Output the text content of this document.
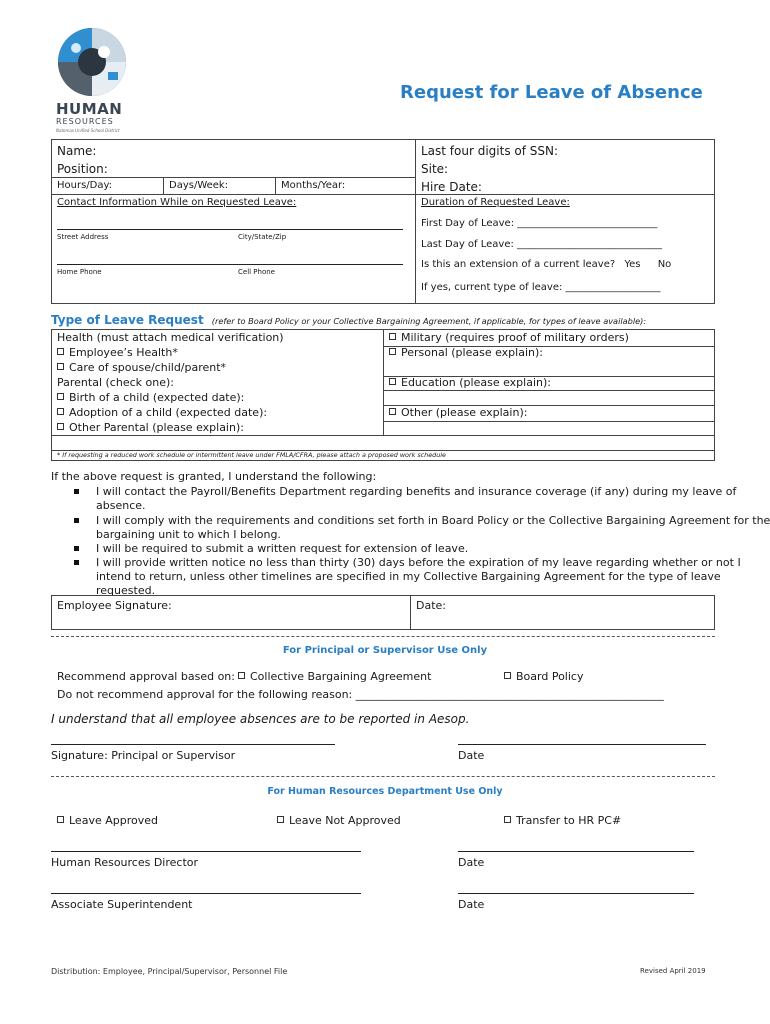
HUMAN
RESOURCES
Natomas Unified School District
Request for Leave of Absence
Name:
Position:
Hours/Day:	Days/Week:	Months/Year:
Last four digits of SSN:
Site:
Hire Date:
Contact Information While on Requested Leave:
Street Address	City/State/Zip
Home Phone	Cell Phone
Duration of Requested Leave:
First Day of Leave: ____________________________
Last Day of Leave: _____________________________
Is this an extension of a current leave? Yes No
If yes, current type of leave: ___________________
Type of Leave Request (refer to Board Policy or your Collective Bargaining Agreement, if applicable, for types of leave available):
Health (must attach medical verification)
Employee’s Health*
Care of spouse/child/parent*
Parental (check one):
Birth of a child (expected date):
Adoption of a child (expected date):
Other Parental (please explain):
Military (requires proof of military orders)
Personal (please explain):
Education (please explain):
Other (please explain):
* If requesting a reduced work schedule or intermittent leave under FMLA/CFRA, please attach a proposed work schedule
If the above request is granted, I understand the following:
I will contact the Payroll/Benefits Department regarding benefits and insurance coverage (if any) during my leave of
absence.
I will comply with the requirements and conditions set forth in Board Policy or the Collective Bargaining Agreement for the
bargaining unit to which I belong.
I will be required to submit a written request for extension of leave.
I will provide written notice no less than thirty (30) days before the expiration of my leave regarding whether or not I
intend to return, unless other timelines are specified in my Collective Bargaining Agreement for the type of leave
requested.
Employee Signature:	Date:
For Principal or Supervisor Use Only
Recommend approval based on:	Collective Bargaining Agreement	Board Policy
Do not recommend approval for the following reason: ________________________________________________________
I understand that all employee absences are to be reported in Aesop.
Signature: Principal or Supervisor	Date
For Human Resources Department Use Only
Leave Approved	Leave Not Approved	Transfer to HR PC#
Human Resources Director	Date
Associate Superintendent	Date
Distribution: Employee, Principal/Supervisor, Personnel File	Revised April 2019
